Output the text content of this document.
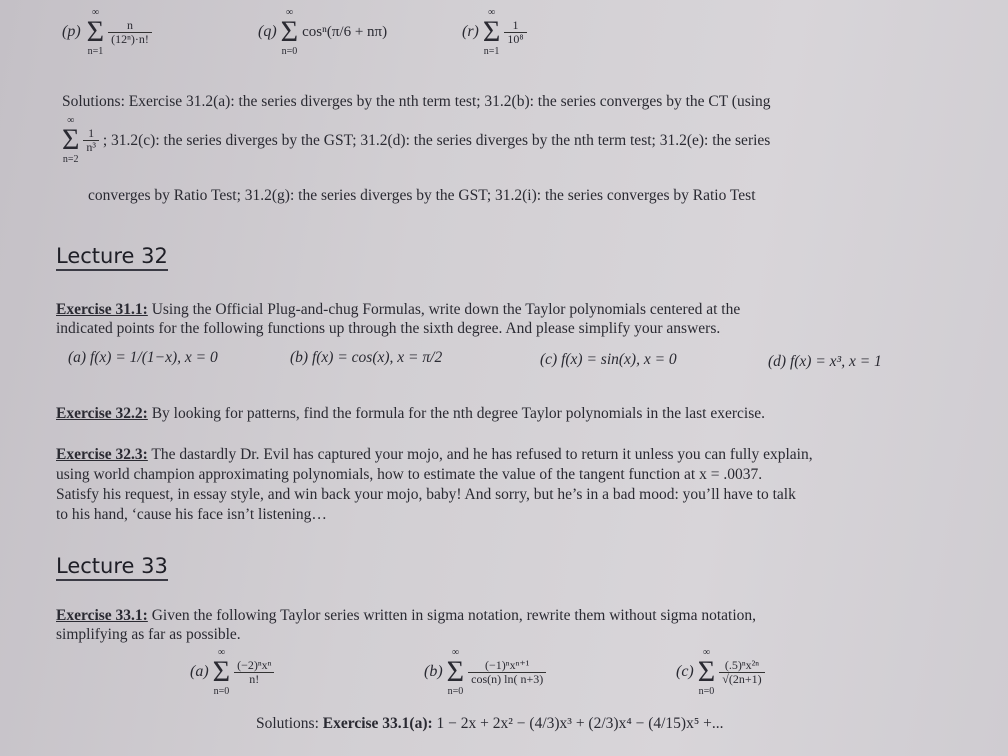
(p)
∞
Σ
n=1

$\frac{n}{\text{(12ⁿ)·n!}}$	(q)
∞
Σ
n=0
cosⁿ(π/6 + nπ)	(r)
∞
Σ
n=1

$\frac{1}{\text{10⁸}}$
Solutions: Exercise 31.2(a): the series diverges by the nth term test; 31.2(b): the series converges by the CT (using
∞
Σ
n=2

$\frac{1}{\text{n³}}$ ; 31.2(c): the series diverges by the GST; 31.2(d): the series diverges by the nth term test; 31.2(e): the series
converges by Ratio Test; 31.2(g): the series diverges by the GST; 31.2(i): the series converges by Ratio Test
Lecture 32
Exercise 31.1: Using the Official Plug-and-chug Formulas, write down the Taylor polynomials centered at the
indicated points for the following functions up through the sixth degree. And please simplify your answers.
(a) f(x) = 1/(1−x), x = 0	(b) f(x) = cos(x), x = π/2	(c) f(x) = sin(x), x = 0	(d) f(x) = x³, x = 1
Exercise 32.2: By looking for patterns, find the formula for the nth degree Taylor polynomials in the last exercise.
Exercise 32.3: The dastardly Dr. Evil has captured your mojo, and he has refused to return it unless you can fully explain,
using world champion approximating polynomials, how to estimate the value of the tangent function at x = .0037.
Satisfy his request, in essay style, and win back your mojo, baby! And sorry, but he’s in a bad mood: you’ll have to talk
to his hand, ‘cause his face isn’t listening…
Lecture 33
Exercise 33.1: Given the following Taylor series written in sigma notation, rewrite them without sigma notation,
simplifying as far as possible.
(a)
∞
Σ
n=0

$\frac{\text{(−2)ⁿxⁿ}}{n!}$	(b)
∞
Σ
n=0

$\frac{\text{(−1)ⁿxⁿ⁺¹}}{\cos(n) \ln( n+3)}$	(c)
∞
Σ
n=0

$\frac{\text{(.5)ⁿx²ⁿ}}{√(2n+1)}$
Solutions: Exercise 33.1(a): 1 − 2x + 2x² − (4/3)x³ + (2/3)x⁴ − (4/15)x⁵ +...
